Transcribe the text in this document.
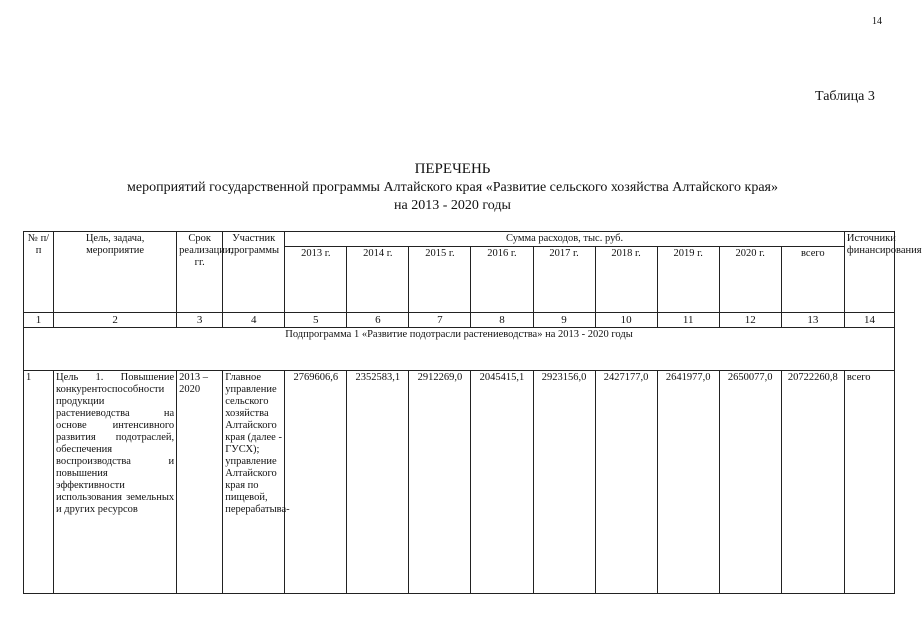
14
Таблица 3
ПЕРЕЧЕНЬ
мероприятий государственной программы Алтайского края «Развитие сельского хозяйства Алтайского края»
на 2013 - 2020 годы
№ п/п	Цель, задача, мероприятие	Срок реализации, гг.	Участник программы	Сумма расходов, тыс. руб.									Источники финансирования
				2013 г.	2014 г.	2015 г.	2016 г.	2017 г.	2018 г.	2019 г.	2020 г.	всего	
1	2	3	4	5	6	7	8	9	10	11	12	13	14
Подпрограмма 1 «Развитие подотрасли растениеводства» на 2013 - 2020 годы													
1	Цель 1. Повышение конкурентоспособности продукции растениеводства на основе интенсивного развития подотраслей, обеспечения воспроизводства и повышения эффективности использования земельных и других ресурсов	2013 – 2020	Главное управление сельского хозяйства Алтайского края (далее - ГУСХ); управление Алтайского края по пищевой, перерабатыва-	2769606,6	2352583,1	2912269,0	2045415,1	2923156,0	2427177,0	2641977,0	2650077,0	20722260,8	всего
